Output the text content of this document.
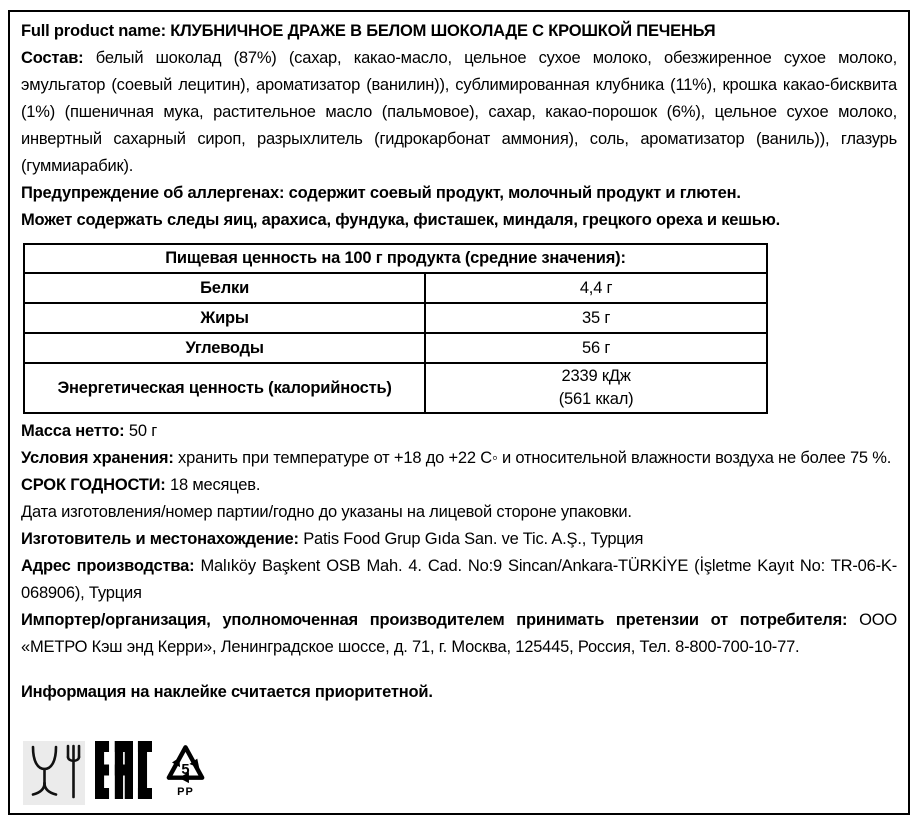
Full product name: КЛУБНИЧНОЕ ДРАЖЕ В БЕЛОМ ШОКОЛАДЕ С КРОШКОЙ ПЕЧЕНЬЯ

Состав: белый шоколад (87%) (сахар, какао-масло, цельное сухое молоко, обезжиренное сухое молоко, эмульгатор (соевый лецитин), ароматизатор (ванилин)), сублимированная клубника (11%), крошка какао-бисквита (1%) (пшеничная мука, растительное масло (пальмовое), сахар, какао-порошок (6%), цельное сухое молоко, инвертный сахарный сироп, разрыхлитель (гидрокарбонат аммония), соль, ароматизатор (ваниль)), глазурь (гуммиарабик).

Предупреждение об аллергенах: содержит соевый продукт, молочный продукт и глютен.

Может содержать следы яиц, арахиса, фундука, фисташек, миндаля, грецкого ореха и кешью.

Пищевая ценность на 100 г продукта (средние значения):	
Белки	4,4 г
Жиры	35 г
Углеводы	56 г
Энергетическая ценность (калорийность)	2339 кДж
(561 ккал)

Масса нетто: 50 г

Условия хранения: хранить при температуре от +18 до +22 С◦ и относительной влажности воздуха не более 75 %.

СРОК ГОДНОСТИ: 18 месяцев.

Дата изготовления/номер партии/годно до указаны на лицевой стороне упаковки.

Изготовитель и местонахождение: Patis Food Grup Gıda San. ve Tic. A.Ş., Турция

Адрес производства: Malıköy Başkent OSB Mah. 4. Cad. No:9 Sincan/Ankara-TÜRKİYE (İşletme Kayıt No: TR-06-K-068906), Турция

Импортер/организация, уполномоченная производителем принимать претензии от потребителя: ООО «МЕТРО Кэш энд Керри», Ленинградское шоссе, д. 71, г. Москва, 125445, Россия, Тел. 8-800-700-10-77.

Информация на наклейке считается приоритетной.

5
PP
